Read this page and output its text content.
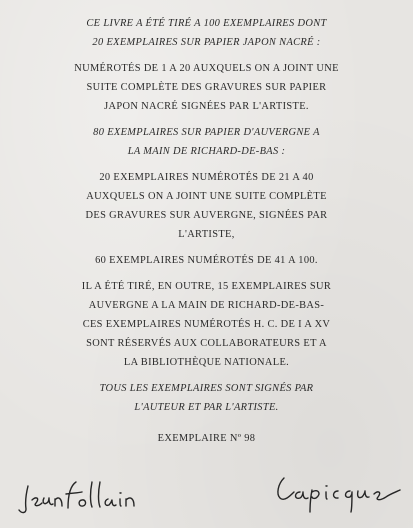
CE LIVRE A ÉTÉ TIRÉ A 100 EXEMPLAIRES DONT
20 EXEMPLAIRES SUR PAPIER JAPON NACRÉ :

NUMÉROTÉS DE 1 A 20 AUXQUELS ON A JOINT UNE
SUITE COMPLÈTE DES GRAVURES SUR PAPIER
JAPON NACRÉ SIGNÉES PAR L'ARTISTE.

80 EXEMPLAIRES SUR PAPIER D'AUVERGNE A
LA MAIN DE RICHARD-DE-BAS :

20 EXEMPLAIRES NUMÉROTÉS DE 21 A 40
AUXQUELS ON A JOINT UNE SUITE COMPLÈTE
DES GRAVURES SUR AUVERGNE, SIGNÉES PAR
L'ARTISTE,

60 EXEMPLAIRES NUMÉROTÉS DE 41 A 100.

IL A ÉTÉ TIRÉ, EN OUTRE, 15 EXEMPLAIRES SUR
AUVERGNE A LA MAIN DE RICHARD-DE-BAS-
CES EXEMPLAIRES NUMÉROTÉS H. C. DE I A XV
SONT RÉSERVÉS AUX COLLABORATEURS ET A
LA BIBLIOTHÈQUE NATIONALE.

TOUS LES EXEMPLAIRES SONT SIGNÉS PAR
L'AUTEUR ET PAR L'ARTISTE.

EXEMPLAIRE Nº 98
